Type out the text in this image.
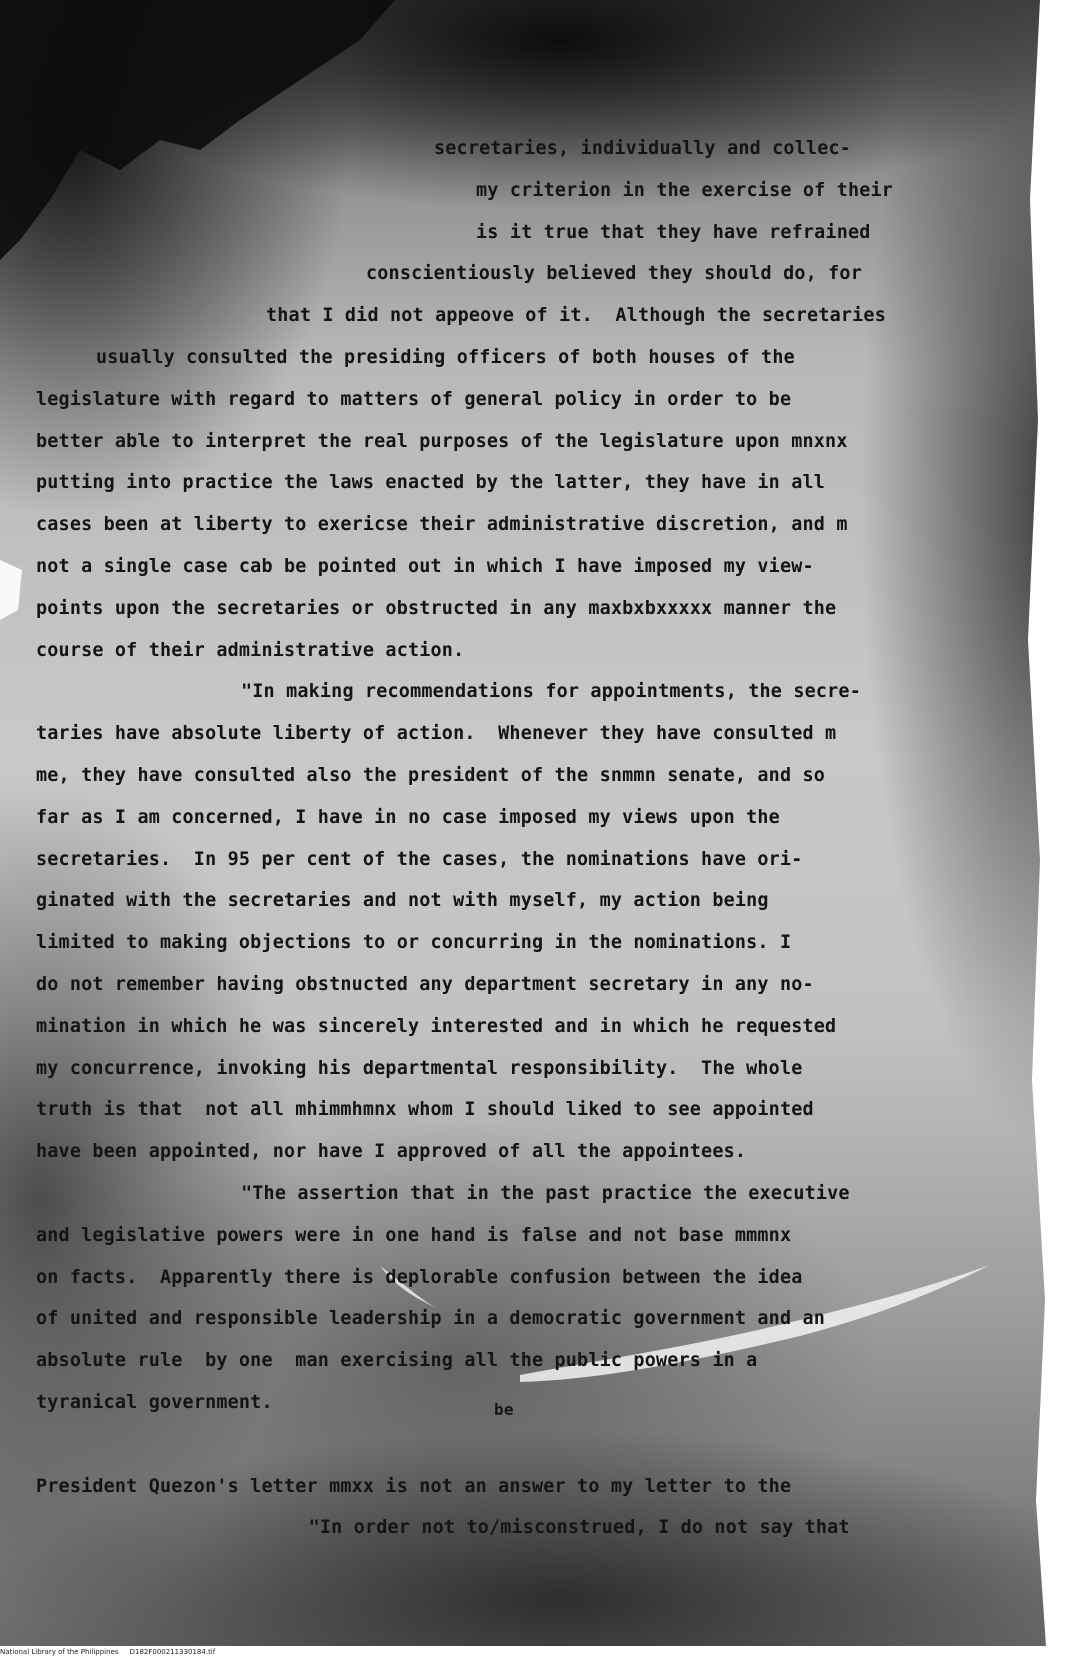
secretaries, individually and collec-
my criterion in the exercise of their
is it true that they have refrained
conscientiously believed they should do, for
that I did not appeove of it.  Although the secretaries
usually consulted the presiding officers of both houses of the
legislature with regard to matters of general policy in order to be
better able to interpret the real purposes of the legislature upon mnxnx
putting into practice the laws enacted by the latter, they have in all
cases been at liberty to exericse their administrative discretion, and m
not a single case cab be pointed out in which I have imposed my view-
points upon the secretaries or obstructed in any maxbxbxxxxx manner the
course of their administrative action.
"In making recommendations for appointments, the secre-
taries have absolute liberty of action.  Whenever they have consulted m
me, they have consulted also the president of the snmmn senate, and so
far as I am concerned, I have in no case imposed my views upon the
secretaries.  In 95 per cent of the cases, the nominations have ori-
ginated with the secretaries and not with myself, my action being
limited to making objections to or concurring in the nominations. I
do not remember having obstnucted any department secretary in any no-
mination in which he was sincerely interested and in which he requested
my concurrence, invoking his departmental responsibility.  The whole
truth is that  not all mhimmhmnx whom I should liked to see appointed
have been appointed, nor have I approved of all the appointees.
"The assertion that in the past practice the executive
and legislative powers were in one hand is false and not base mmmnx
on facts.  Apparently there is deplorable confusion between the idea
of united and responsible leadership in a democratic government and an
absolute rule  by one  man exercising all the public powers in a
tyranical government.

	be

"In order not to/misconstrued, I do not say that

President Quezon's letter mmxx is not an answer to my letter to the
National Library of the Philippines     D182F000211330184.tif
